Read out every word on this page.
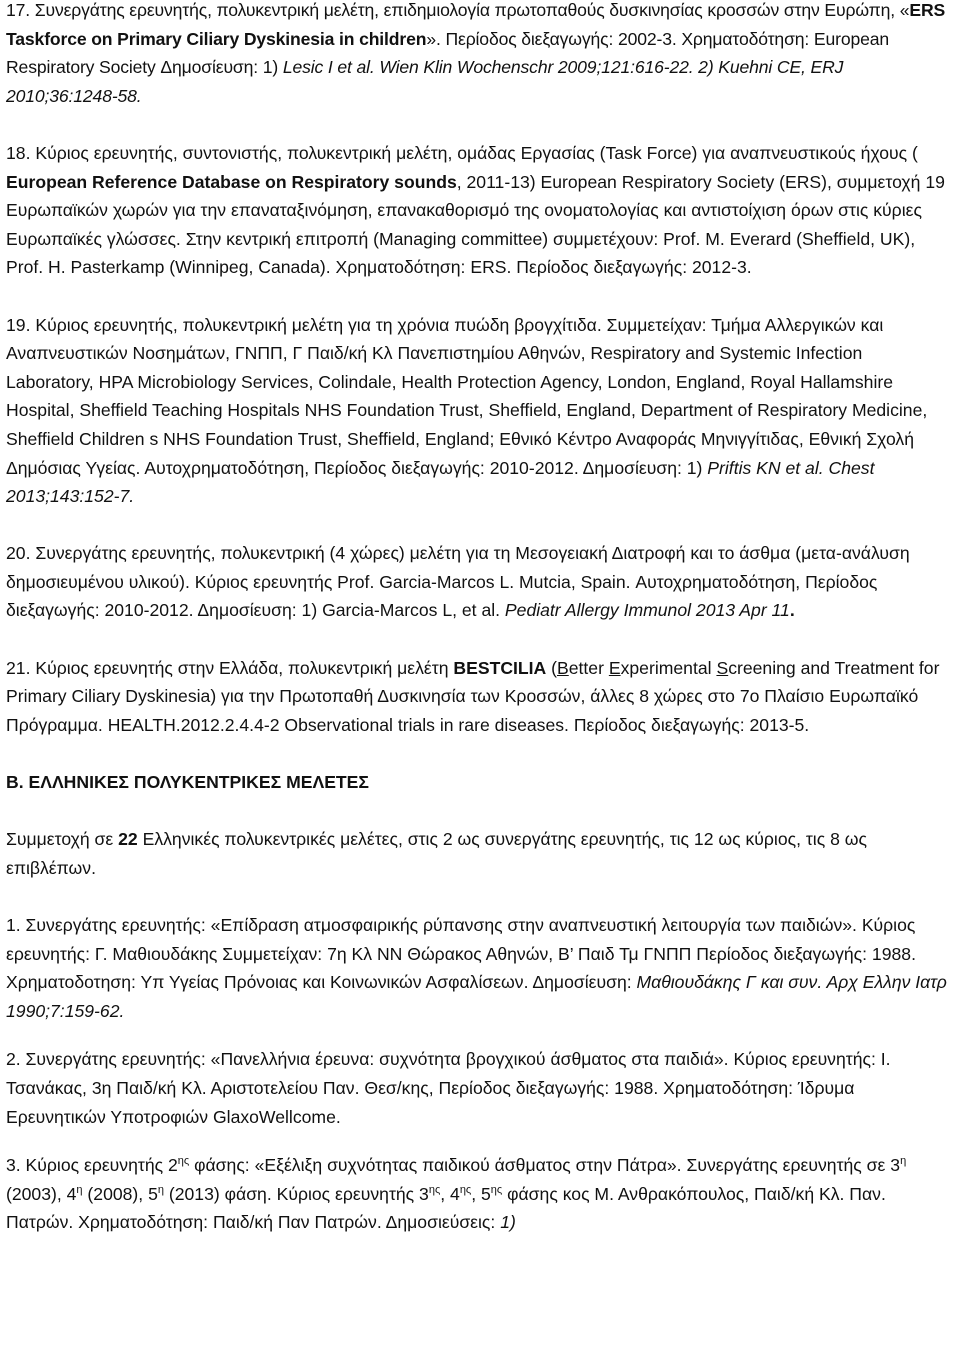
17. Συνεργάτης ερευνητής, πολυκεντρική μελέτη, επιδημιολογία πρωτοπαθούς δυσκινησίας κροσσών στην Ευρώπη, «ERS Taskforce on Primary Ciliary Dyskinesia in children». Περίοδος διεξαγωγής: 2002-3. Χρηματοδότηση: European Respiratory Society Δημοσίευση: 1) Lesic I et al. Wien Klin Wochenschr 2009;121:616-22. 2) Kuehni CE, ERJ 2010;36:1248-58.

18. Κύριος ερευνητής, συντονιστής, πολυκεντρική μελέτη, ομάδας Εργασίας (Task Force) για αναπνευστικούς ήχους ( European Reference Database on Respiratory sounds, 2011-13) European Respiratory Society (ERS), συμμετοχή 19 Ευρωπαϊκών χωρών για την επαναταξινόμηση, επανακαθορισμό της ονοματολογίας και αντιστοίχιση όρων στις κύριες Ευρωπαϊκές γλώσσες. Στην κεντρική επιτροπή (Managing committee) συμμετέχουν: Prof. M. Everard (Sheffield, UK), Prof. H. Pasterkamp (Winnipeg, Canada). Χρηματοδότηση: ERS. Περίοδος διεξαγωγής: 2012-3.

19. Κύριος ερευνητής, πολυκεντρική μελέτη για τη χρόνια πυώδη βρογχίτιδα. Συμμετείχαν: Τμήμα Αλλεργικών και Αναπνευστικών Νοσημάτων, ΓΝΠΠ, Γ Παιδ/κή Κλ Πανεπιστημίου Αθηνών, Respiratory and Systemic Infection Laboratory, HPA Microbiology Services, Colindale, Health Protection Agency, London, England, Royal Hallamshire Hospital, Sheffield Teaching Hospitals NHS Foundation Trust, Sheffield, England, Department of Respiratory Medicine, Sheffield Children s NHS Foundation Trust, Sheffield, England; Εθνικό Κέντρο Αναφοράς Μηνιγγίτιδας, Εθνική Σχολή Δημόσιας Υγείας. Αυτοχρηματοδότηση, Περίοδος διεξαγωγής: 2010-2012. Δημοσίευση: 1) Priftis KN et al. Chest 2013;143:152-7.

20. Συνεργάτης ερευνητής, πολυκεντρική (4 χώρες) μελέτη για τη Μεσογειακή Διατροφή και το άσθμα (μετα-ανάλυση δημοσιευμένου υλικού). Κύριος ερευνητής Prof. Garcia-Marcos L. Mutcia, Spain. Αυτοχρηματοδότηση, Περίοδος διεξαγωγής: 2010-2012. Δημοσίευση: 1) Garcia-Marcos L, et al. Pediatr Allergy Immunol 2013 Apr 11.

21. Κύριος ερευνητής στην Ελλάδα, πολυκεντρική μελέτη BESTCILIA (Better Experimental Screening and Treatment for Primary Ciliary Dyskinesia) για την Πρωτοπαθή Δυσκινησία των Κροσσών, άλλες 8 χώρες στο 7ο Πλαίσιο Ευρωπαϊκό Πρόγραμμα. HEALTH.2012.2.4.4-2 Observational trials in rare diseases. Περίοδος διεξαγωγής: 2013-5.

Β. ΕΛΛΗΝΙΚΕΣ ΠΟΛΥΚΕΝΤΡΙΚΕΣ ΜΕΛΕΤΕΣ

Συμμετοχή σε 22 Ελληνικές πολυκεντρικές μελέτες, στις 2 ως συνεργάτης ερευνητής, τις 12 ως κύριος, τις 8 ως επιβλέπων.

1. Συνεργάτης ερευνητής: «Επίδραση ατμοσφαιρικής ρύπανσης στην αναπνευστική λειτουργία των παιδιών». Κύριος ερευνητής: Γ. Μαθιουδάκης Συμμετείχαν: 7η Κλ ΝΝ Θώρακος Αθηνών, Β’ Παιδ Τμ ΓΝΠΠ Περίοδος διεξαγωγής: 1988. Χρηματοδοτηση: Υπ Υγείας Πρόνοιας και Κοινωνικών Ασφαλίσεων. Δημοσίευση: Μαθιουδάκης Γ και συν. Αρχ Ελλην Ιατρ 1990;7:159-62.

2. Συνεργάτης ερευνητής: «Πανελλήνια έρευνα: συχνότητα βρογχικού άσθματος στα παιδιά». Κύριος ερευνητής: Ι. Τσανάκας, 3η Παιδ/κή Κλ. Αριστοτελείου Παν. Θεσ/κης, Περίοδος διεξαγωγής: 1988. Χρηματοδότηση: Ίδρυμα Ερευνητικών Υποτροφιών GlaxoWellcome.

3. Κύριος ερευνητής $2^{\eta\varsigma}$ φάσης: «Εξέλιξη συχνότητας παιδικού άσθματος στην Πάτρα». Συνεργάτης ερευνητής σε $3^\eta$ (2003), $4^\eta$ (2008), $5^\eta$ (2013) φάση. Κύριος ερευνητής $3^{\eta\varsigma}$, $4^{\eta\varsigma}$, $5^{\eta\varsigma}$ φάσης κος Μ. Ανθρακόπουλος, Παιδ/κή Κλ. Παν. Πατρών. Χρηματοδότηση: Παιδ/κή Παν Πατρών. Δημοσιεύσεις: 1)
